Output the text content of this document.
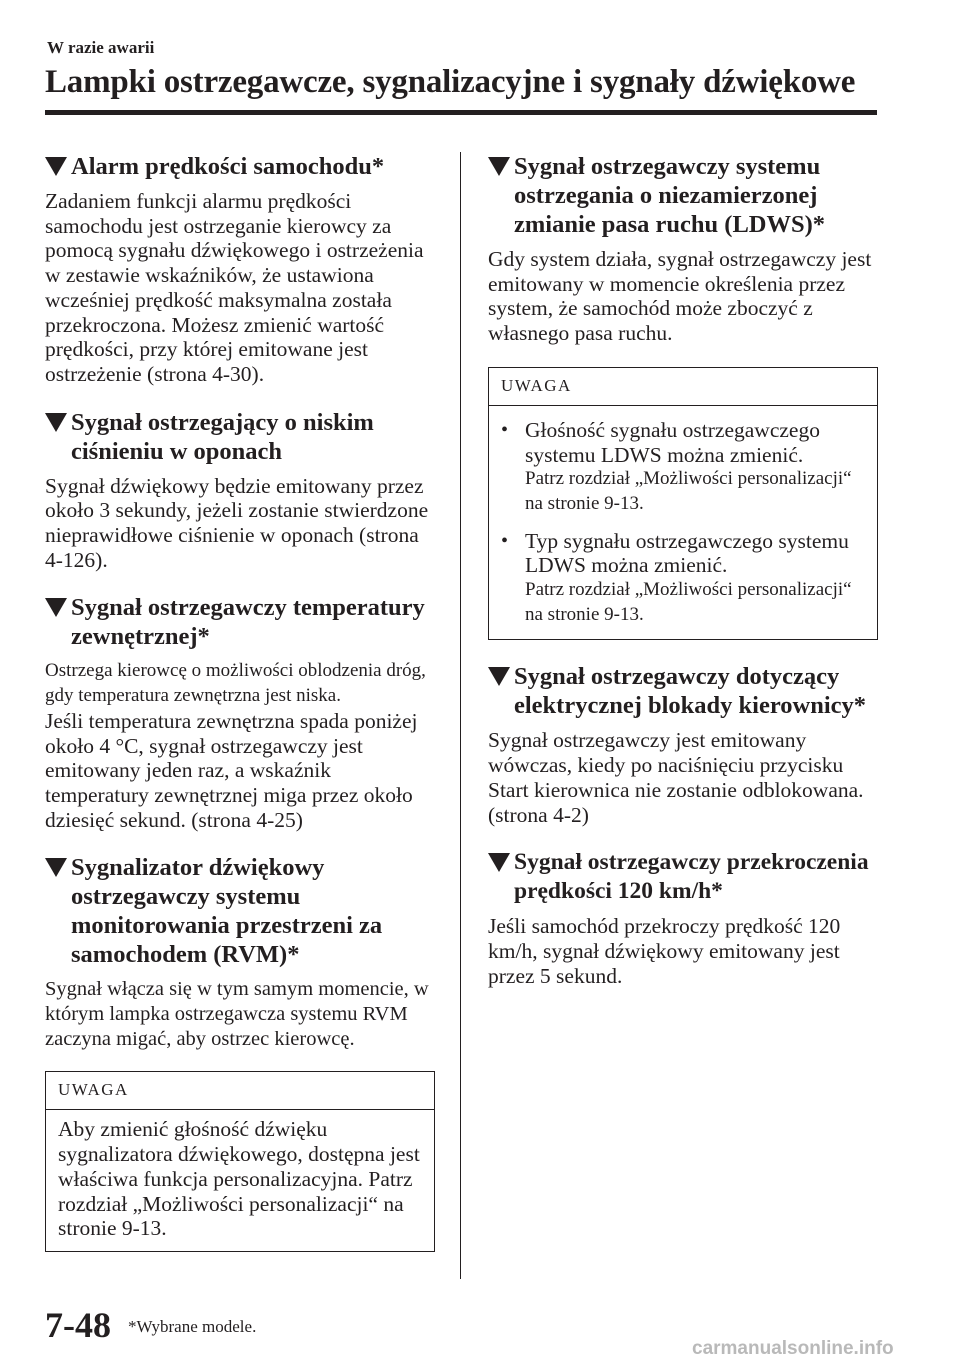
W razie awarii
Lampki ostrzegawcze, sygnalizacyjne i sygnały dźwiękowe
Alarm prędkości samochodu*

Zadaniem funkcji alarmu prędkości samochodu jest ostrzeganie kierowcy za pomocą sygnału dźwiękowego i ostrzeżenia w zestawie wskaźników, że ustawiona wcześniej prędkość maksymalna została przekroczona. Możesz zmienić wartość prędkości, przy której emitowane jest ostrzeżenie (strona 4-30).

Sygnał ostrzegający o niskim ciśnieniu w oponach

Sygnał dźwiękowy będzie emitowany przez około 3 sekundy, jeżeli zostanie stwierdzone nieprawidłowe ciśnienie w oponach (strona 4-126).

Sygnał ostrzegawczy temperatury zewnętrznej*

Ostrzega kierowcę o możliwości oblodzenia dróg, gdy temperatura zewnętrzna jest niska.

Jeśli temperatura zewnętrzna spada poniżej około 4 °C, sygnał ostrzegawczy jest emitowany jeden raz, a wskaźnik temperatury zewnętrznej miga przez około dziesięć sekund. (strona 4-25)

Sygnalizator dźwiękowy ostrzegawczy systemu monitorowania przestrzeni za samochodem (RVM)*

Sygnał włącza się w tym samym momencie, w którym lampka ostrzegawcza systemu RVM zaczyna migać, aby ostrzec kierowcę.

UWAGA
Aby zmienić głośność dźwięku sygnalizatora dźwiękowego, dostępna jest właściwa funkcja personalizacyjna. Patrz rozdział „Możliwości personalizacji“ na stronie 9-13.
Sygnał ostrzegawczy systemu ostrzegania o niezamierzonej zmianie pasa ruchu (LDWS)*

Gdy system działa, sygnał ostrzegawczy jest emitowany w momencie określenia przez system, że samochód może zboczyć z własnego pasa ruchu.

UWAGA
• Głośność sygnału ostrzegawczego systemu LDWS można zmienić.
Patrz rozdział „Możliwości personalizacji“ na stronie 9-13.
• Typ sygnału ostrzegawczego systemu LDWS można zmienić.
Patrz rozdział „Możliwości personalizacji“ na stronie 9-13.
Sygnał ostrzegawczy dotyczący elektrycznej blokady kierownicy*

Sygnał ostrzegawczy jest emitowany wówczas, kiedy po naciśnięciu przycisku Start kierownica nie zostanie odblokowana. (strona 4-2)

Sygnał ostrzegawczy przekroczenia prędkości 120 km/h*

Jeśli samochód przekroczy prędkość 120 km/h, sygnał dźwiękowy emitowany jest przez 5 sekund.

7-48 *Wybrane modele.
carmanualsonline.info
